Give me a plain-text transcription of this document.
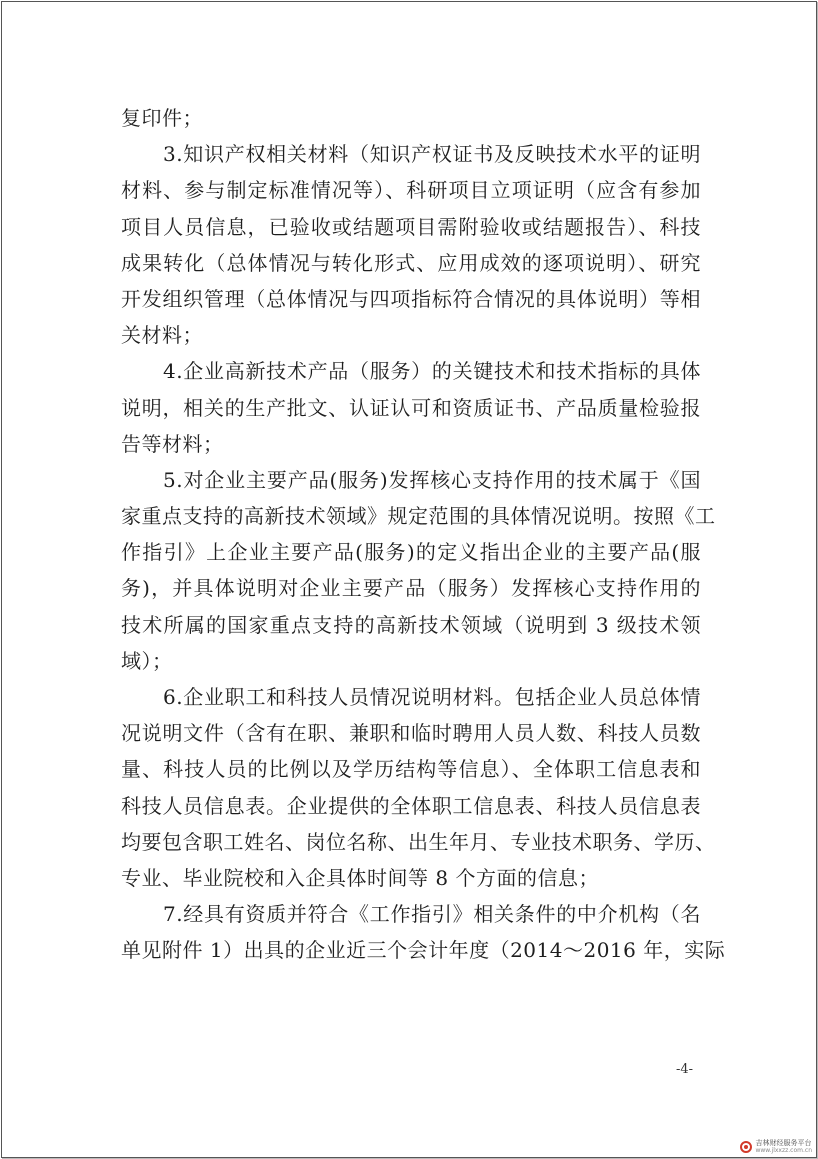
复印件；
3.知识产权相关材料（知识产权证书及反映技术水平的证明
材料、参与制定标准情况等）、科研项目立项证明（应含有参加
项目人员信息，已验收或结题项目需附验收或结题报告）、科技
成果转化（总体情况与转化形式、应用成效的逐项说明）、研究
开发组织管理（总体情况与四项指标符合情况的具体说明）等相
关材料；
4.企业高新技术产品（服务）的关键技术和技术指标的具体
说明，相关的生产批文、认证认可和资质证书、产品质量检验报
告等材料；
5.对企业主要产品(服务)发挥核心支持作用的技术属于《国
家重点支持的高新技术领域》规定范围的具体情况说明。按照《工
作指引》上企业主要产品(服务)的定义指出企业的主要产品(服
务)，并具体说明对企业主要产品（服务）发挥核心支持作用的
技术所属的国家重点支持的高新技术领域（说明到 3 级技术领
域）；
6.企业职工和科技人员情况说明材料。包括企业人员总体情
况说明文件（含有在职、兼职和临时聘用人员人数、科技人员数
量、科技人员的比例以及学历结构等信息）、全体职工信息表和
科技人员信息表。企业提供的全体职工信息表、科技人员信息表
均要包含职工姓名、岗位名称、出生年月、专业技术职务、学历、
专业、毕业院校和入企具体时间等 8 个方面的信息；
7.经具有资质并符合《工作指引》相关条件的中介机构（名
单见附件 1）出具的企业近三个会计年度（2014～2016 年，实际
-4-
吉林财经服务平台
www.jlxxzz.com.cn
